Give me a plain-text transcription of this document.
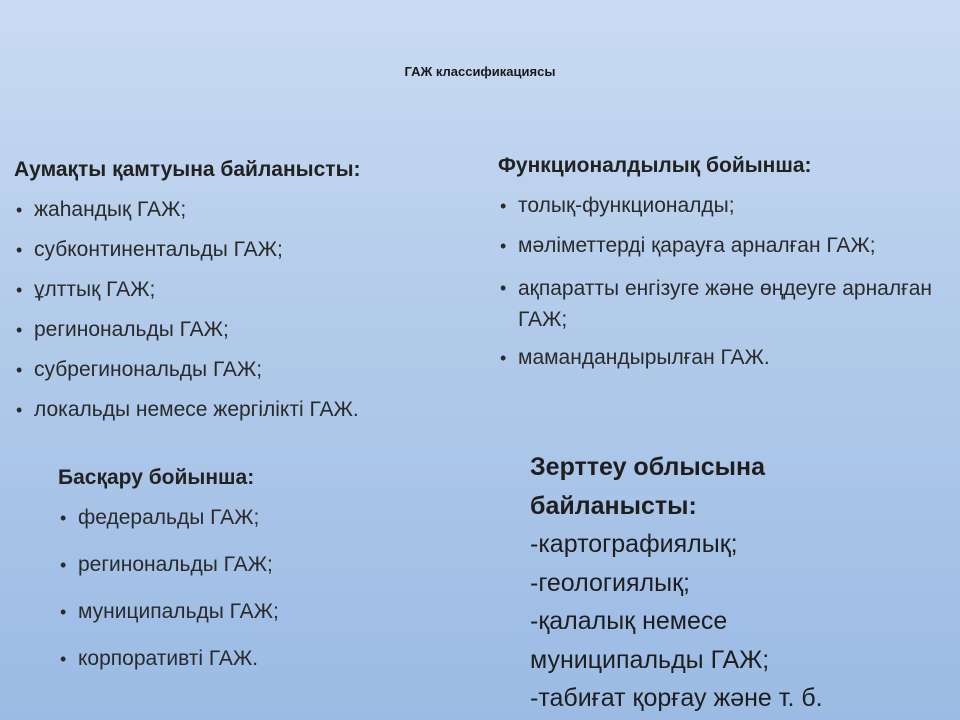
ГАЖ классификациясы
Аумақты қамтуына байланысты:
• жаһандық ГАЖ;
• субконтинентальды ГАЖ;
• ұлттық ГАЖ;
• регинональды ГАЖ;
• субрегинональды ГАЖ;
• локальды немесе жергілікті ГАЖ.
Функционалдылық бойынша:
• толық-функционалды;
• мәліметтерді қарауға арналған ГАЖ;
• ақпаратты енгізуге және өңдеуге арналған ГАЖ;
• мамандандырылған ГАЖ.
Басқару бойынша:
• федеральды ГАЖ;
• регинональды ГАЖ;
• муниципальды ГАЖ;
• корпоративті ГАЖ.
Зерттеу облысына
байланысты:
-картографиялық;
-геологиялық;
-қалалық немесе
муниципальды ГАЖ;
-табиғат қорғау және т. б.
